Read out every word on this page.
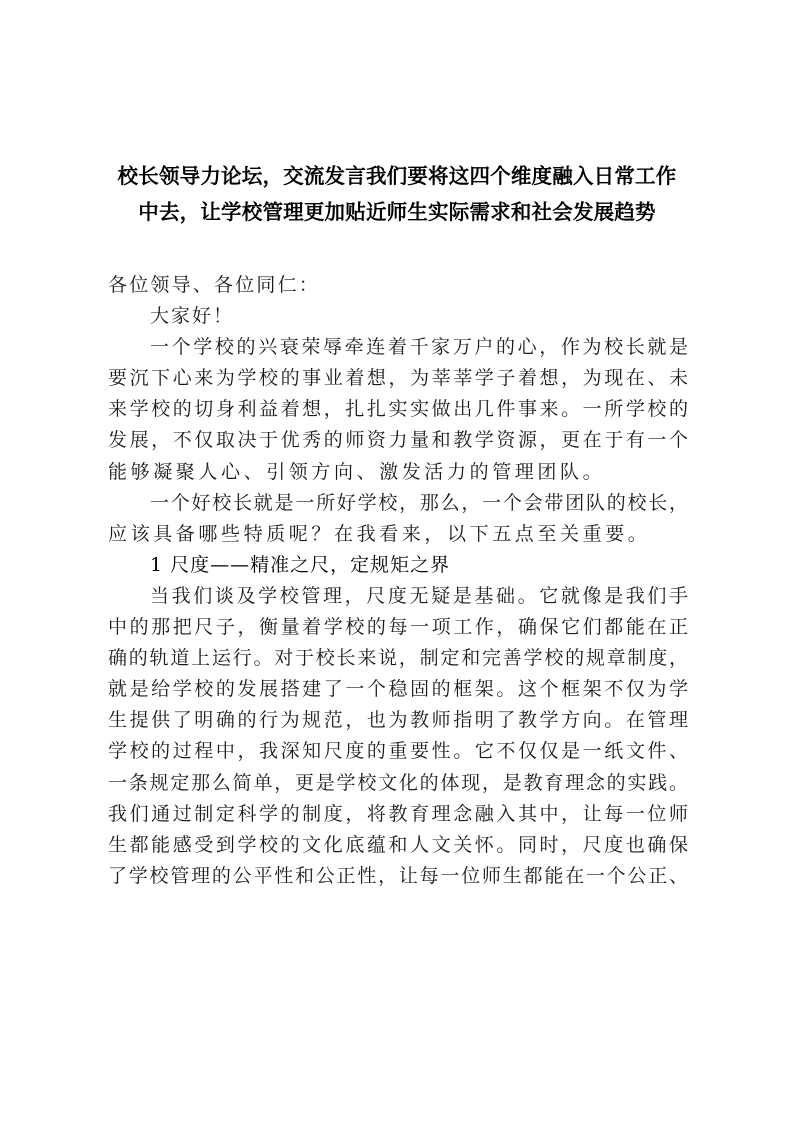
校长领导力论坛，交流发言我们要将这四个维度融入日常工作
中去，让学校管理更加贴近师生实际需求和社会发展趋势
各位领导、各位同仁：
大家好！
一个学校的兴衰荣辱牵连着千家万户的心，作为校长就是
要沉下心来为学校的事业着想，为莘莘学子着想，为现在、未
来学校的切身利益着想，扎扎实实做出几件事来。一所学校的
发展，不仅取决于优秀的师资力量和教学资源，更在于有一个
能够凝聚人心、引领方向、激发活力的管理团队。
一个好校长就是一所好学校，那么，一个会带团队的校长，
应该具备哪些特质呢？在我看来，以下五点至关重要。
1 尺度——精准之尺，定规矩之界
当我们谈及学校管理，尺度无疑是基础。它就像是我们手
中的那把尺子，衡量着学校的每一项工作，确保它们都能在正
确的轨道上运行。对于校长来说，制定和完善学校的规章制度，
就是给学校的发展搭建了一个稳固的框架。这个框架不仅为学
生提供了明确的行为规范，也为教师指明了教学方向。在管理
学校的过程中，我深知尺度的重要性。它不仅仅是一纸文件、
一条规定那么简单，更是学校文化的体现，是教育理念的实践。
我们通过制定科学的制度，将教育理念融入其中，让每一位师
生都能感受到学校的文化底蕴和人文关怀。同时，尺度也确保
了学校管理的公平性和公正性，让每一位师生都能在一个公正、
